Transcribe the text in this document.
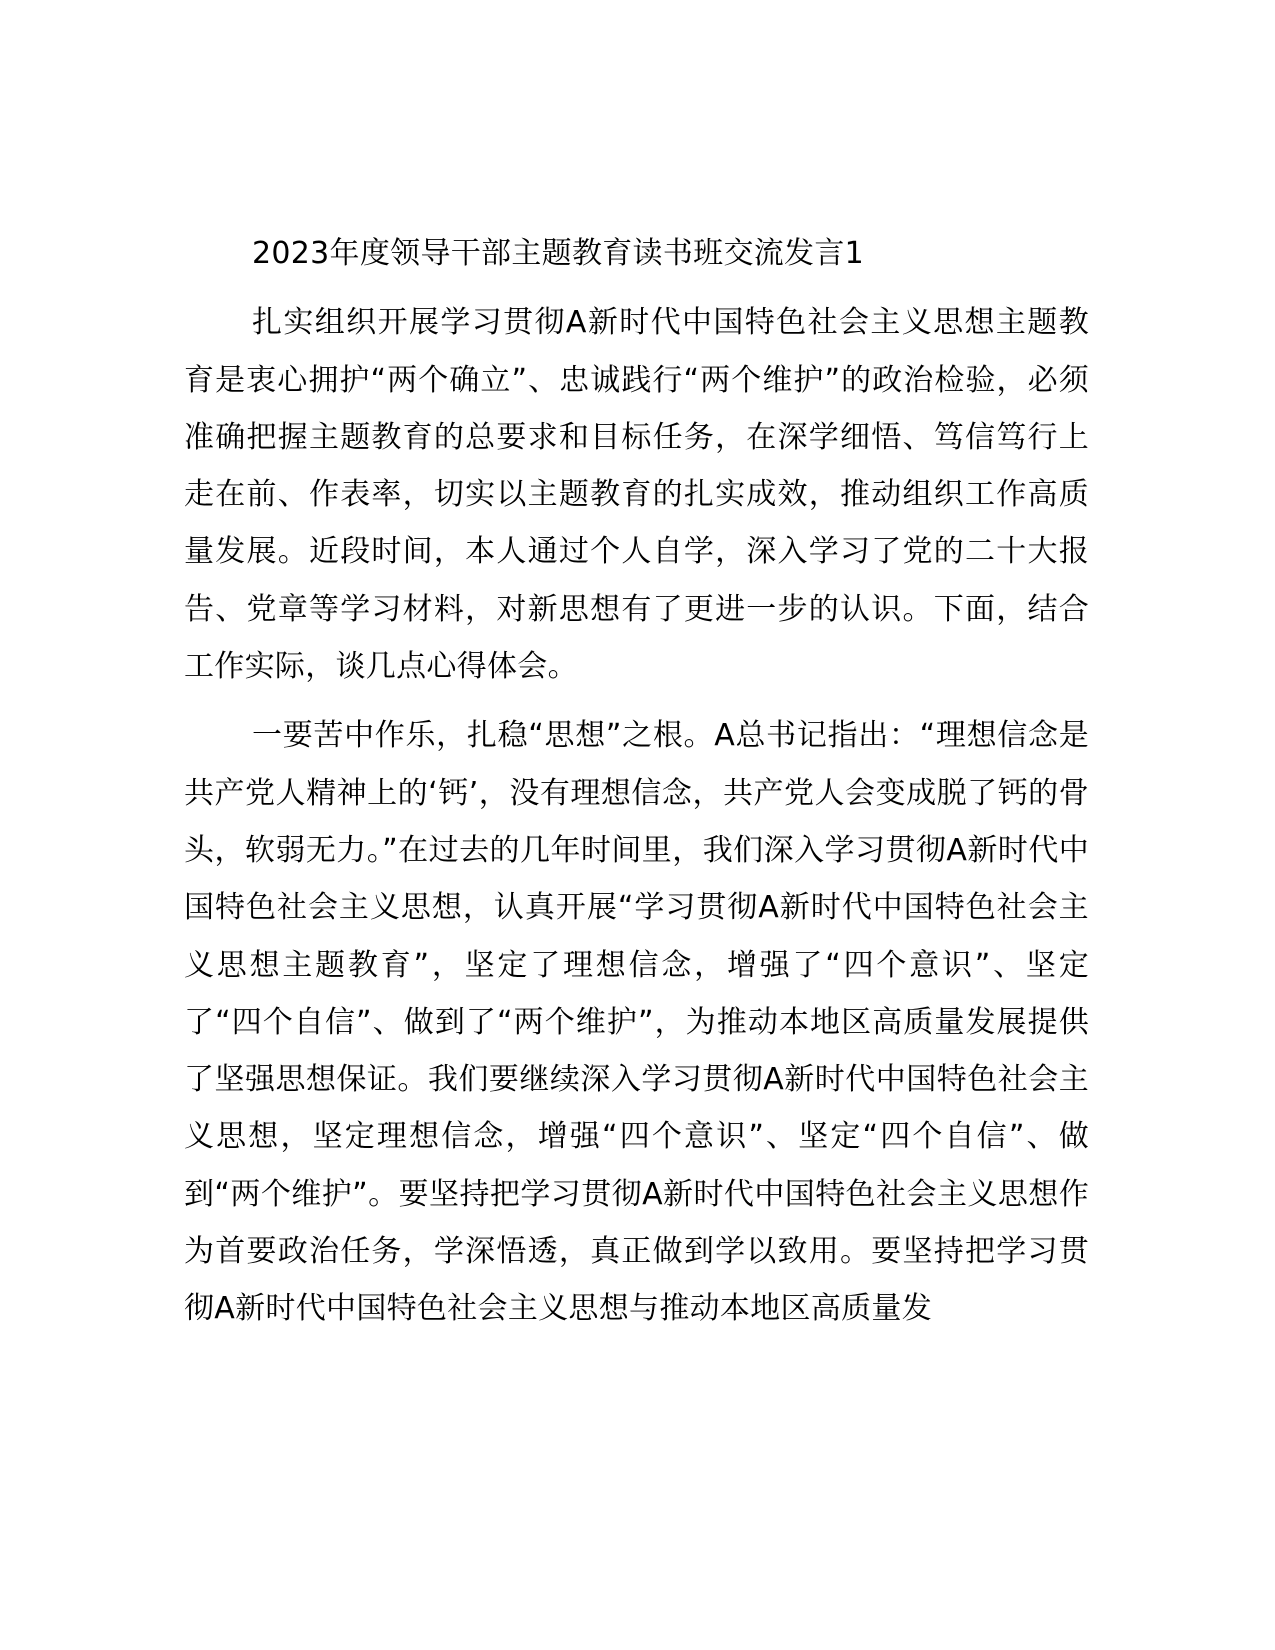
2023年度领导干部主题教育读书班交流发言1

扎实组织开展学习贯彻A新时代中国特色社会主义思想主题教育是衷心拥护“两个确立”、忠诚践行“两个维护”的政治检验，必须准确把握主题教育的总要求和目标任务，在深学细悟、笃信笃行上走在前、作表率，切实以主题教育的扎实成效，推动组织工作高质量发展。近段时间，本人通过个人自学，深入学习了党的二十大报告、党章等学习材料，对新思想有了更进一步的认识。下面，结合工作实际，谈几点心得体会。

一要苦中作乐，扎稳“思想”之根。A总书记指出：“理想信念是共产党人精神上的‘钙’，没有理想信念，共产党人会变成脱了钙的骨头，软弱无力。”在过去的几年时间里，我们深入学习贯彻A新时代中国特色社会主义思想，认真开展“学习贯彻A新时代中国特色社会主义思想主题教育”，坚定了理想信念，增强了“四个意识”、坚定了“四个自信”、做到了“两个维护”，为推动本地区高质量发展提供了坚强思想保证。我们要继续深入学习贯彻A新时代中国特色社会主义思想，坚定理想信念，增强“四个意识”、坚定“四个自信”、做到“两个维护”。要坚持把学习贯彻A新时代中国特色社会主义思想作为首要政治任务，学深悟透，真正做到学以致用。要坚持把学习贯彻A新时代中国特色社会主义思想与推动本地区高质量发
